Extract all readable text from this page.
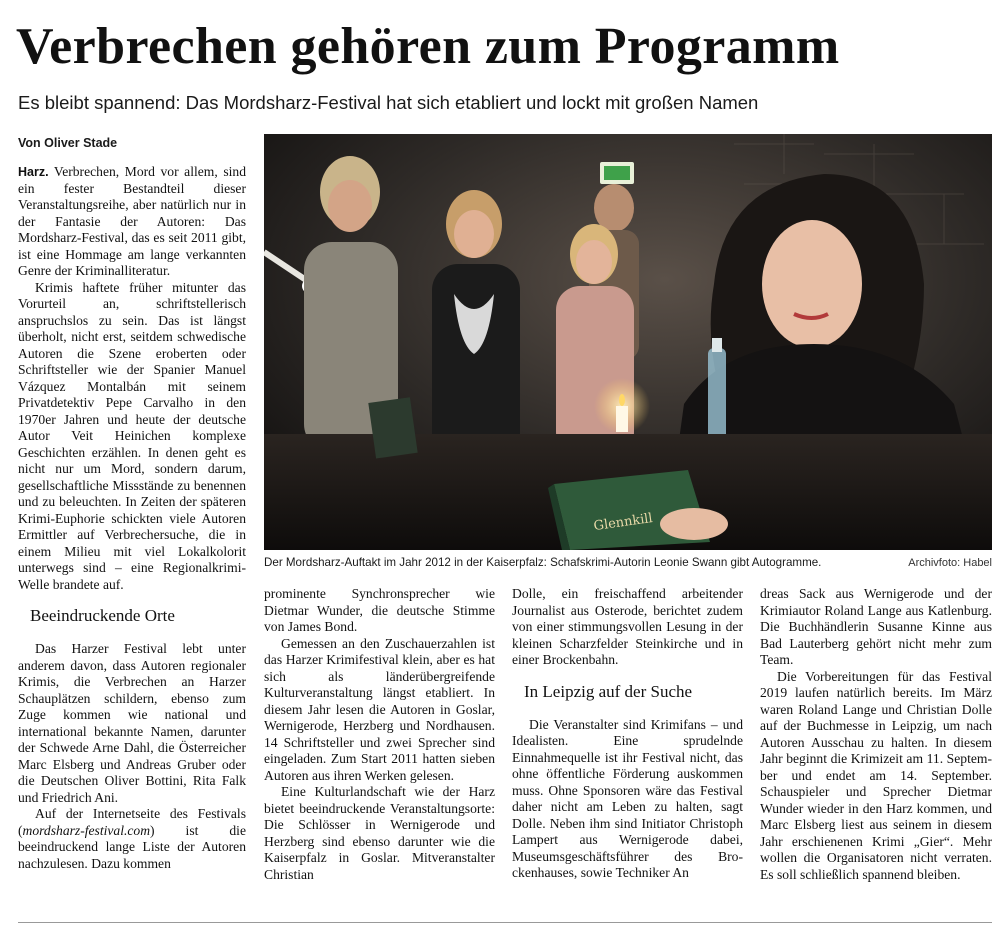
Verbrechen gehören zum Programm
Es bleibt spannend: Das Mordsharz-Festival hat sich etabliert und lockt mit großen Namen
Von Oliver Stade

Harz. Verbrechen, Mord vor allem, sind ein fester Bestandteil dieser Veranstaltungsreihe, aber natürlich nur in der Fantasie der Autoren: Das Mordsharz-Festival, das es seit 2011 gibt, ist eine Hommage am lange verkannten Genre der Kriminalliteratur.

Krimis haftete früher mitunter das Vorurteil an, schriftstellerisch anspruchslos zu sein. Das ist längst überholt, nicht erst, seitdem schwedische Autoren die Szene eroberten oder Schriftsteller wie der Spanier Manuel Vázquez Montalbán mit seinem Privatdetektiv Pepe Carvalho in den 1970er Jahren und heute der deutsche Autor Veit Heinichen komplexe Geschichten erzählen. In denen geht es nicht nur um Mord, sondern darum, gesellschaftliche Missstände zu benennen und zu beleuchten. In Zeiten der späteren Krimi-Euphorie schickten viele Autoren Ermittler auf Verbrechersuche, die in einem Milieu mit viel Lokalkolorit unterwegs sind – eine Regionalkrimi-Welle brandete auf.

Beeindruckende Orte

Das Harzer Festival lebt unter anderem davon, dass Autoren regionaler Krimis, die Verbrechen an Harzer Schauplätzen schildern, ebenso zum Zuge kommen wie national und international bekannte Namen, darunter der Schwede Arne Dahl, die Österreicher Marc Elsberg und Andreas Gruber oder die Deutschen Oliver Bottini, Rita Falk und Friedrich Ani.

Auf der Internetseite des Festivals (mordsharz-festival.com) ist die beeindruckend lange Liste der Autoren nachzulesen. Dazu kommen

Glennkill
Der Mordsharz-Auftakt im Jahr 2012 in der Kaiserpfalz: Schafskrimi-Autorin Leonie Swann gibt Autogramme.	Archivfoto: Habel

prominente Synchronsprecher wie Dietmar Wunder, die deutsche Stimme von James Bond.

Gemessen an den Zuschauerzahlen ist das Harzer Krimifestival klein, aber es hat sich als länderübergreifende Kulturveranstaltung längst etabliert. In diesem Jahr lesen die Autoren in Goslar, Wernigerode, Herzberg und Nordhausen. 14 Schriftsteller und zwei Sprecher sind eingeladen. Zum Start 2011 hatten sieben Autoren aus ihren Werken gelesen.

Eine Kulturlandschaft wie der Harz bietet beeindruckende Veranstaltungsorte: Die Schlösser in Wernigerode und Herzberg sind ebenso darunter wie die Kaiserpfalz in Goslar. Mitveranstalter Christian

Dolle, ein freischaffend arbeitender Journalist aus Osterode, berichtet zudem von einer stimmungsvollen Lesung in der kleinen Scharzfelder Steinkirche und in einer Brockenbahn.

In Leipzig auf der Suche

Die Veranstalter sind Krimifans – und Idealisten. Eine sprudelnde Einnahmequelle ist ihr Festival nicht, das ohne öffentliche Förderung auskommen muss. Ohne Sponsoren wäre das Festival daher nicht am Leben zu halten, sagt Dolle. Neben ihm sind Initiator Christoph Lampert aus Wernigerode dabei, Museumsgeschäftsführer des Brockenhauses, sowie Techniker An

dreas Sack aus Wernigerode und der Krimiautor Roland Lange aus Katlenburg. Die Buchhändlerin Susanne Kinne aus Bad Lauterberg gehört nicht mehr zum Team.

Die Vorbereitungen für das Festival 2019 laufen natürlich bereits. Im März waren Roland Lange und Christian Dolle auf der Buchmesse in Leipzig, um nach Autoren Ausschau zu halten. In diesem Jahr beginnt die Krimizeit am 11. September und endet am 14. September. Schauspieler und Sprecher Dietmar Wunder wieder in den Harz kommen, und Marc Elsberg liest aus seinem in diesem Jahr erschienenen Krimi „Gier“. Mehr wollen die Organisatoren nicht verraten. Es soll schließlich spannend bleiben.
